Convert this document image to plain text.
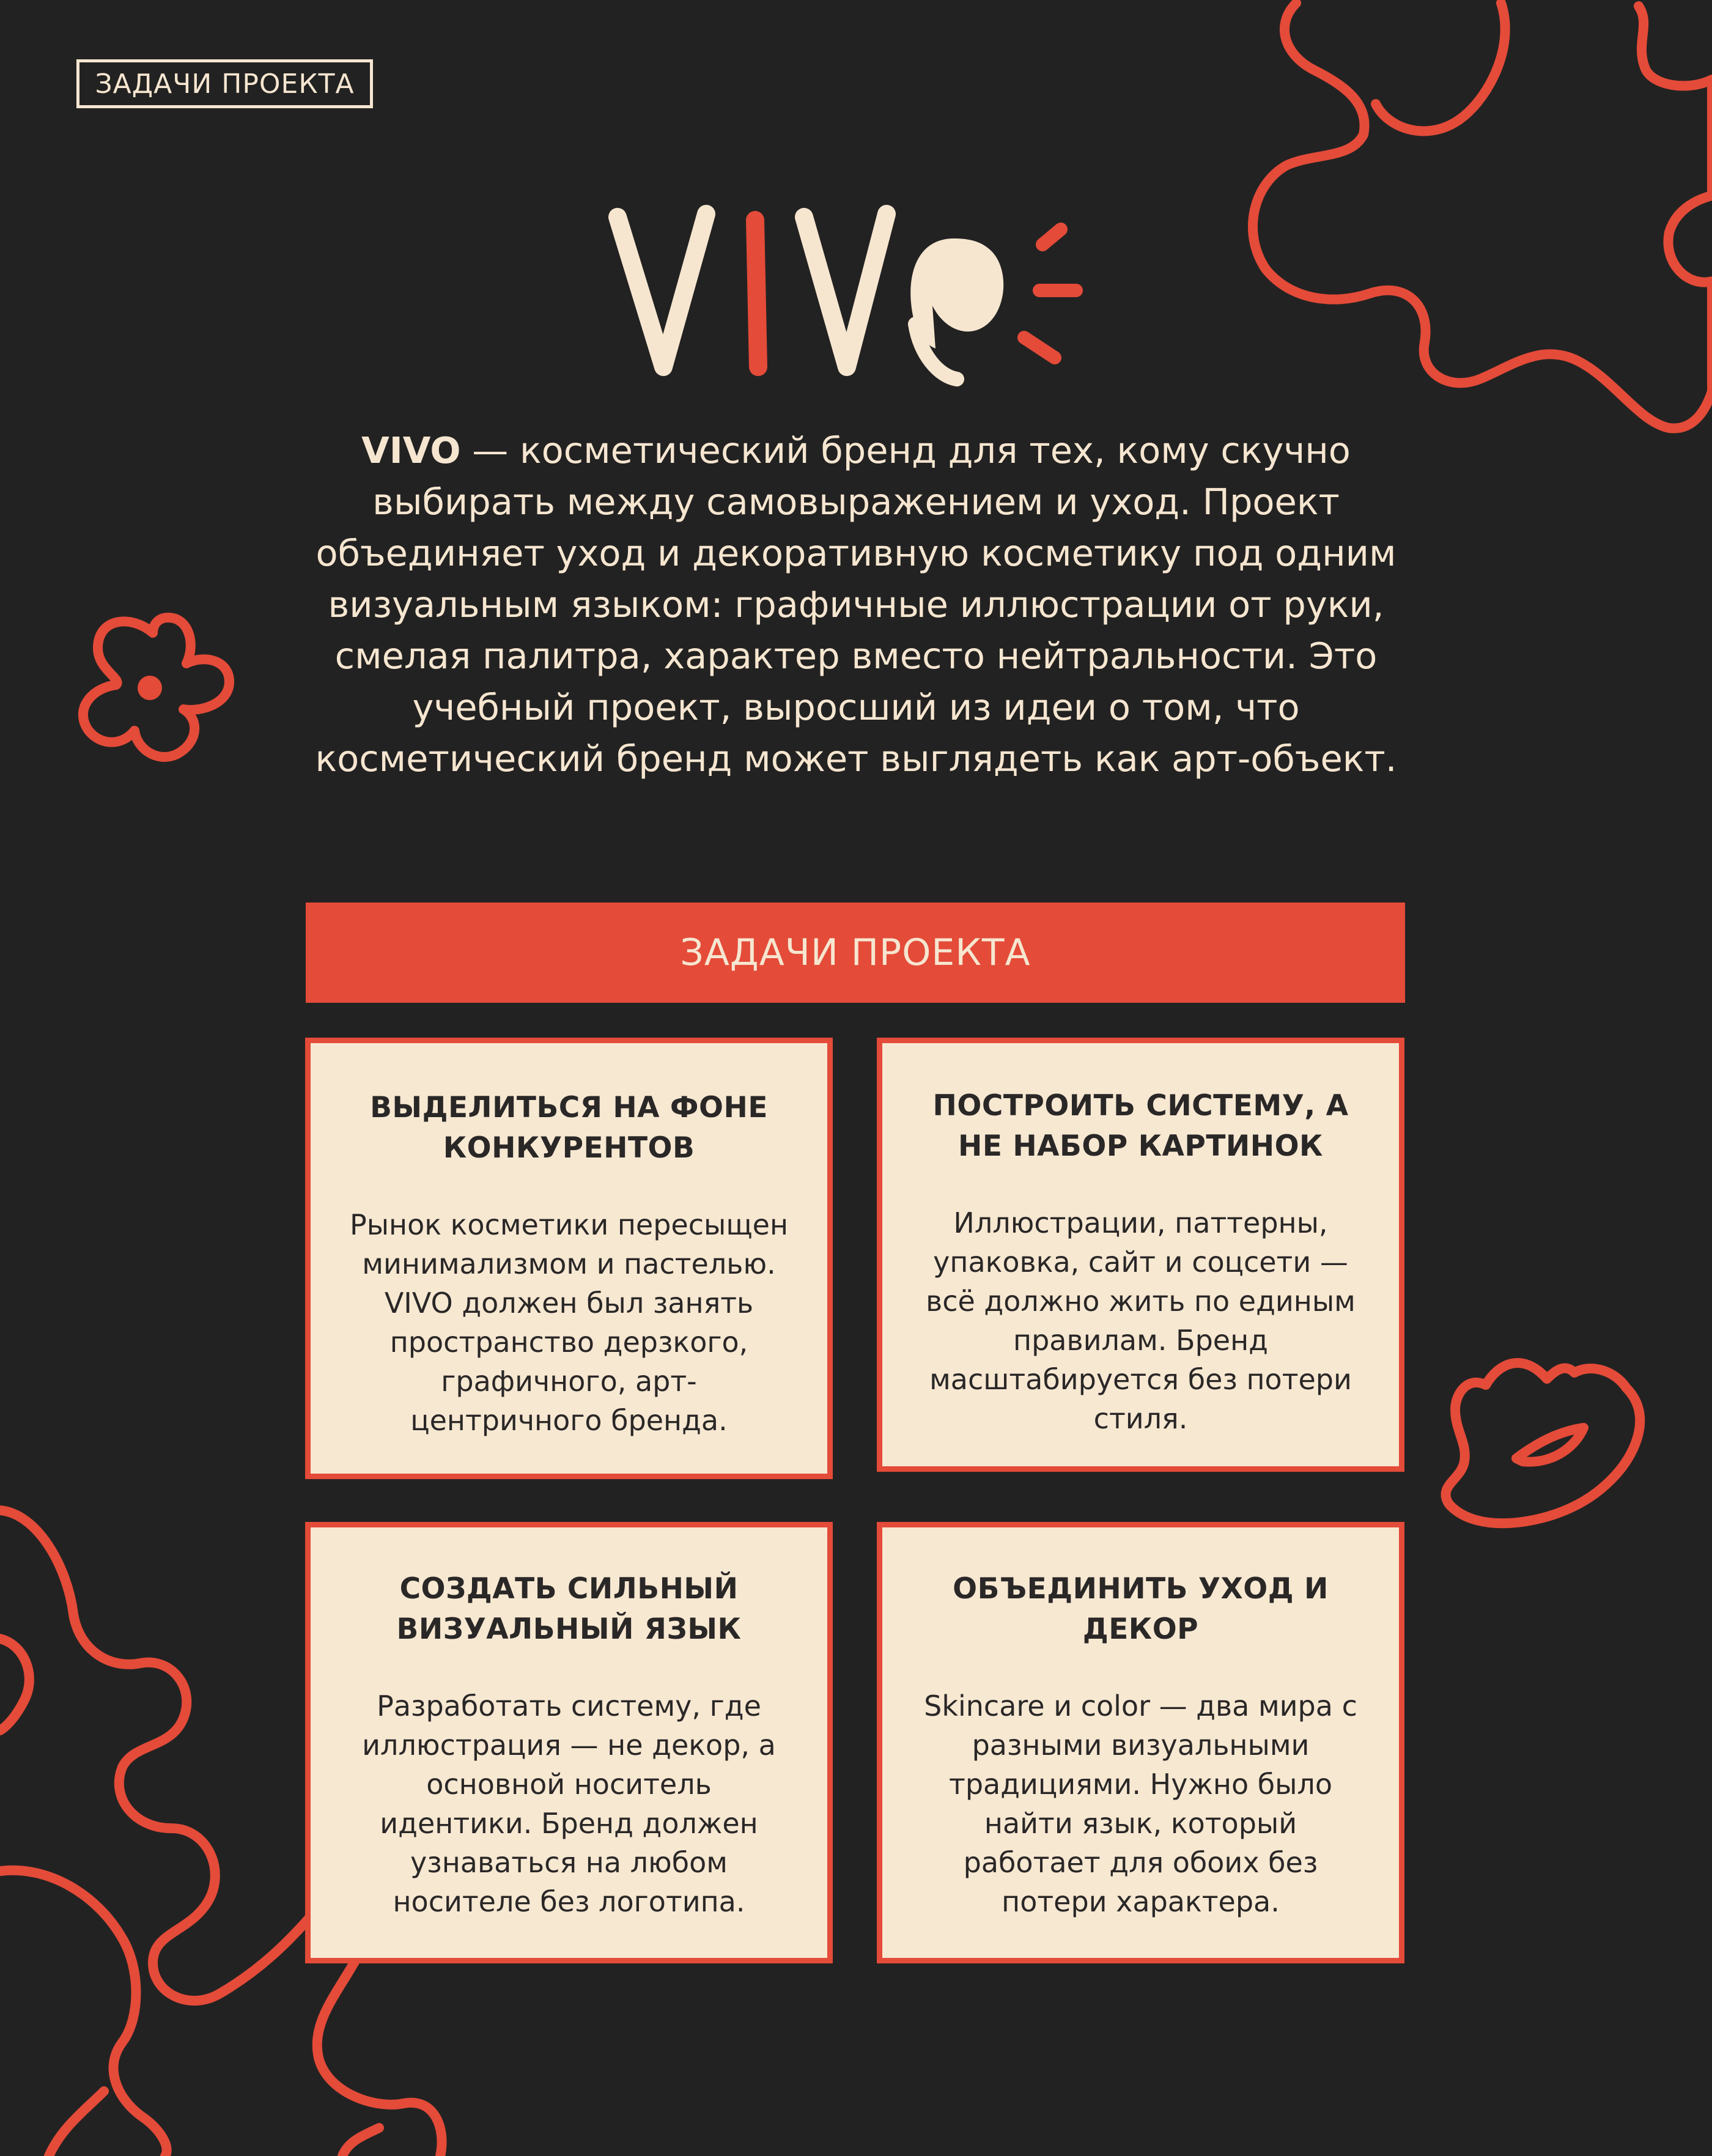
ЗАДАЧИ ПРОЕКТА

VIVO — косметический бренд для тех, кому скучно выбирать между самовыражением и уход. Проект объединяет уход и декоративную косметику под одним визуальным языком: графичные иллюстрации от руки, смелая палитра, характер вместо нейтральности. Это учебный проект, выросший из идеи о том, что косметический бренд может выглядеть как арт-объект.

ЗАДАЧИ ПРОЕКТА
ВЫДЕЛИТЬСЯ НА ФОНЕ КОНКУРЕНТОВ

Рынок косметики пересыщен минимализмом и пастелью. VIVO должен был занять пространство дерзкого, графичного, арт-центричного бренда.

ПОСТРОИТЬ СИСТЕМУ, А НЕ НАБОР КАРТИНОК

Иллюстрации, паттерны, упаковка, сайт и соцсети — всё должно жить по единым правилам. Бренд масштабируется без потери стиля.

СОЗДАТЬ СИЛЬНЫЙ ВИЗУАЛЬНЫЙ ЯЗЫК

Разработать систему, где иллюстрация — не декор, а основной носитель идентики. Бренд должен узнаваться на любом носителе без логотипа.

ОБЪЕДИНИТЬ УХОД И ДЕКОР

Skincare и color — два мира с разными визуальными традициями. Нужно было найти язык, который работает для обоих без потери характера.
